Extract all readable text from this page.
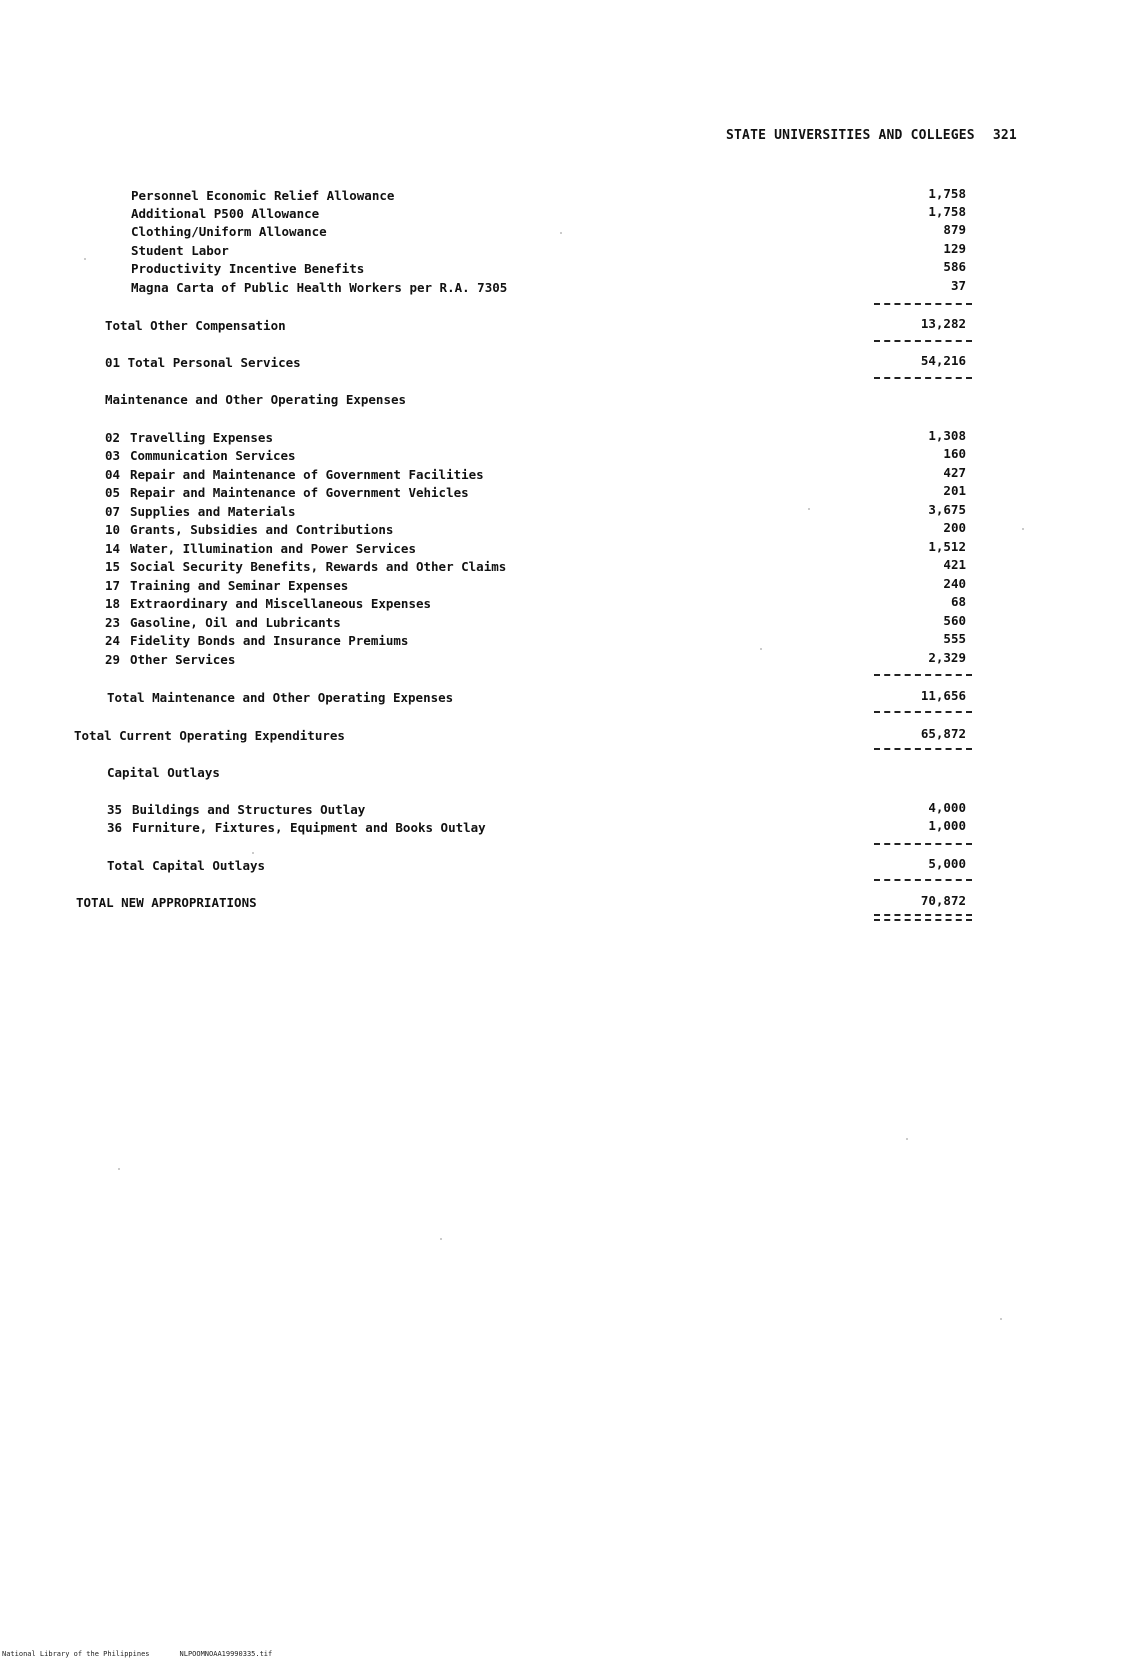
STATE UNIVERSITIES AND COLLEGES 321
Personnel Economic Relief Allowance	1,758
Additional P500 Allowance	1,758
Clothing/Uniform Allowance	879
Student Labor	129
Productivity Incentive Benefits	586
Magna Carta of Public Health Workers per R.A. 7305	37
Total Other Compensation	13,282
01 Total Personal Services	54,216
Maintenance and Other Operating Expenses
02 Travelling Expenses	1,308
03 Communication Services	160
04 Repair and Maintenance of Government Facilities	427
05 Repair and Maintenance of Government Vehicles	201
07 Supplies and Materials	3,675
10 Grants, Subsidies and Contributions	200
14 Water, Illumination and Power Services	1,512
15 Social Security Benefits, Rewards and Other Claims	421
17 Training and Seminar Expenses	240
18 Extraordinary and Miscellaneous Expenses	68
23 Gasoline, Oil and Lubricants	560
24 Fidelity Bonds and Insurance Premiums	555
29 Other Services	2,329
Total Maintenance and Other Operating Expenses	11,656
Total Current Operating Expenditures	65,872
Capital Outlays
35 Buildings and Structures Outlay	4,000
36 Furniture, Fixtures, Equipment and Books Outlay	1,000
Total Capital Outlays	5,000
TOTAL NEW APPROPRIATIONS	70,872
National Library of the Philippines	NLPOOMNOAA19990335.tif
